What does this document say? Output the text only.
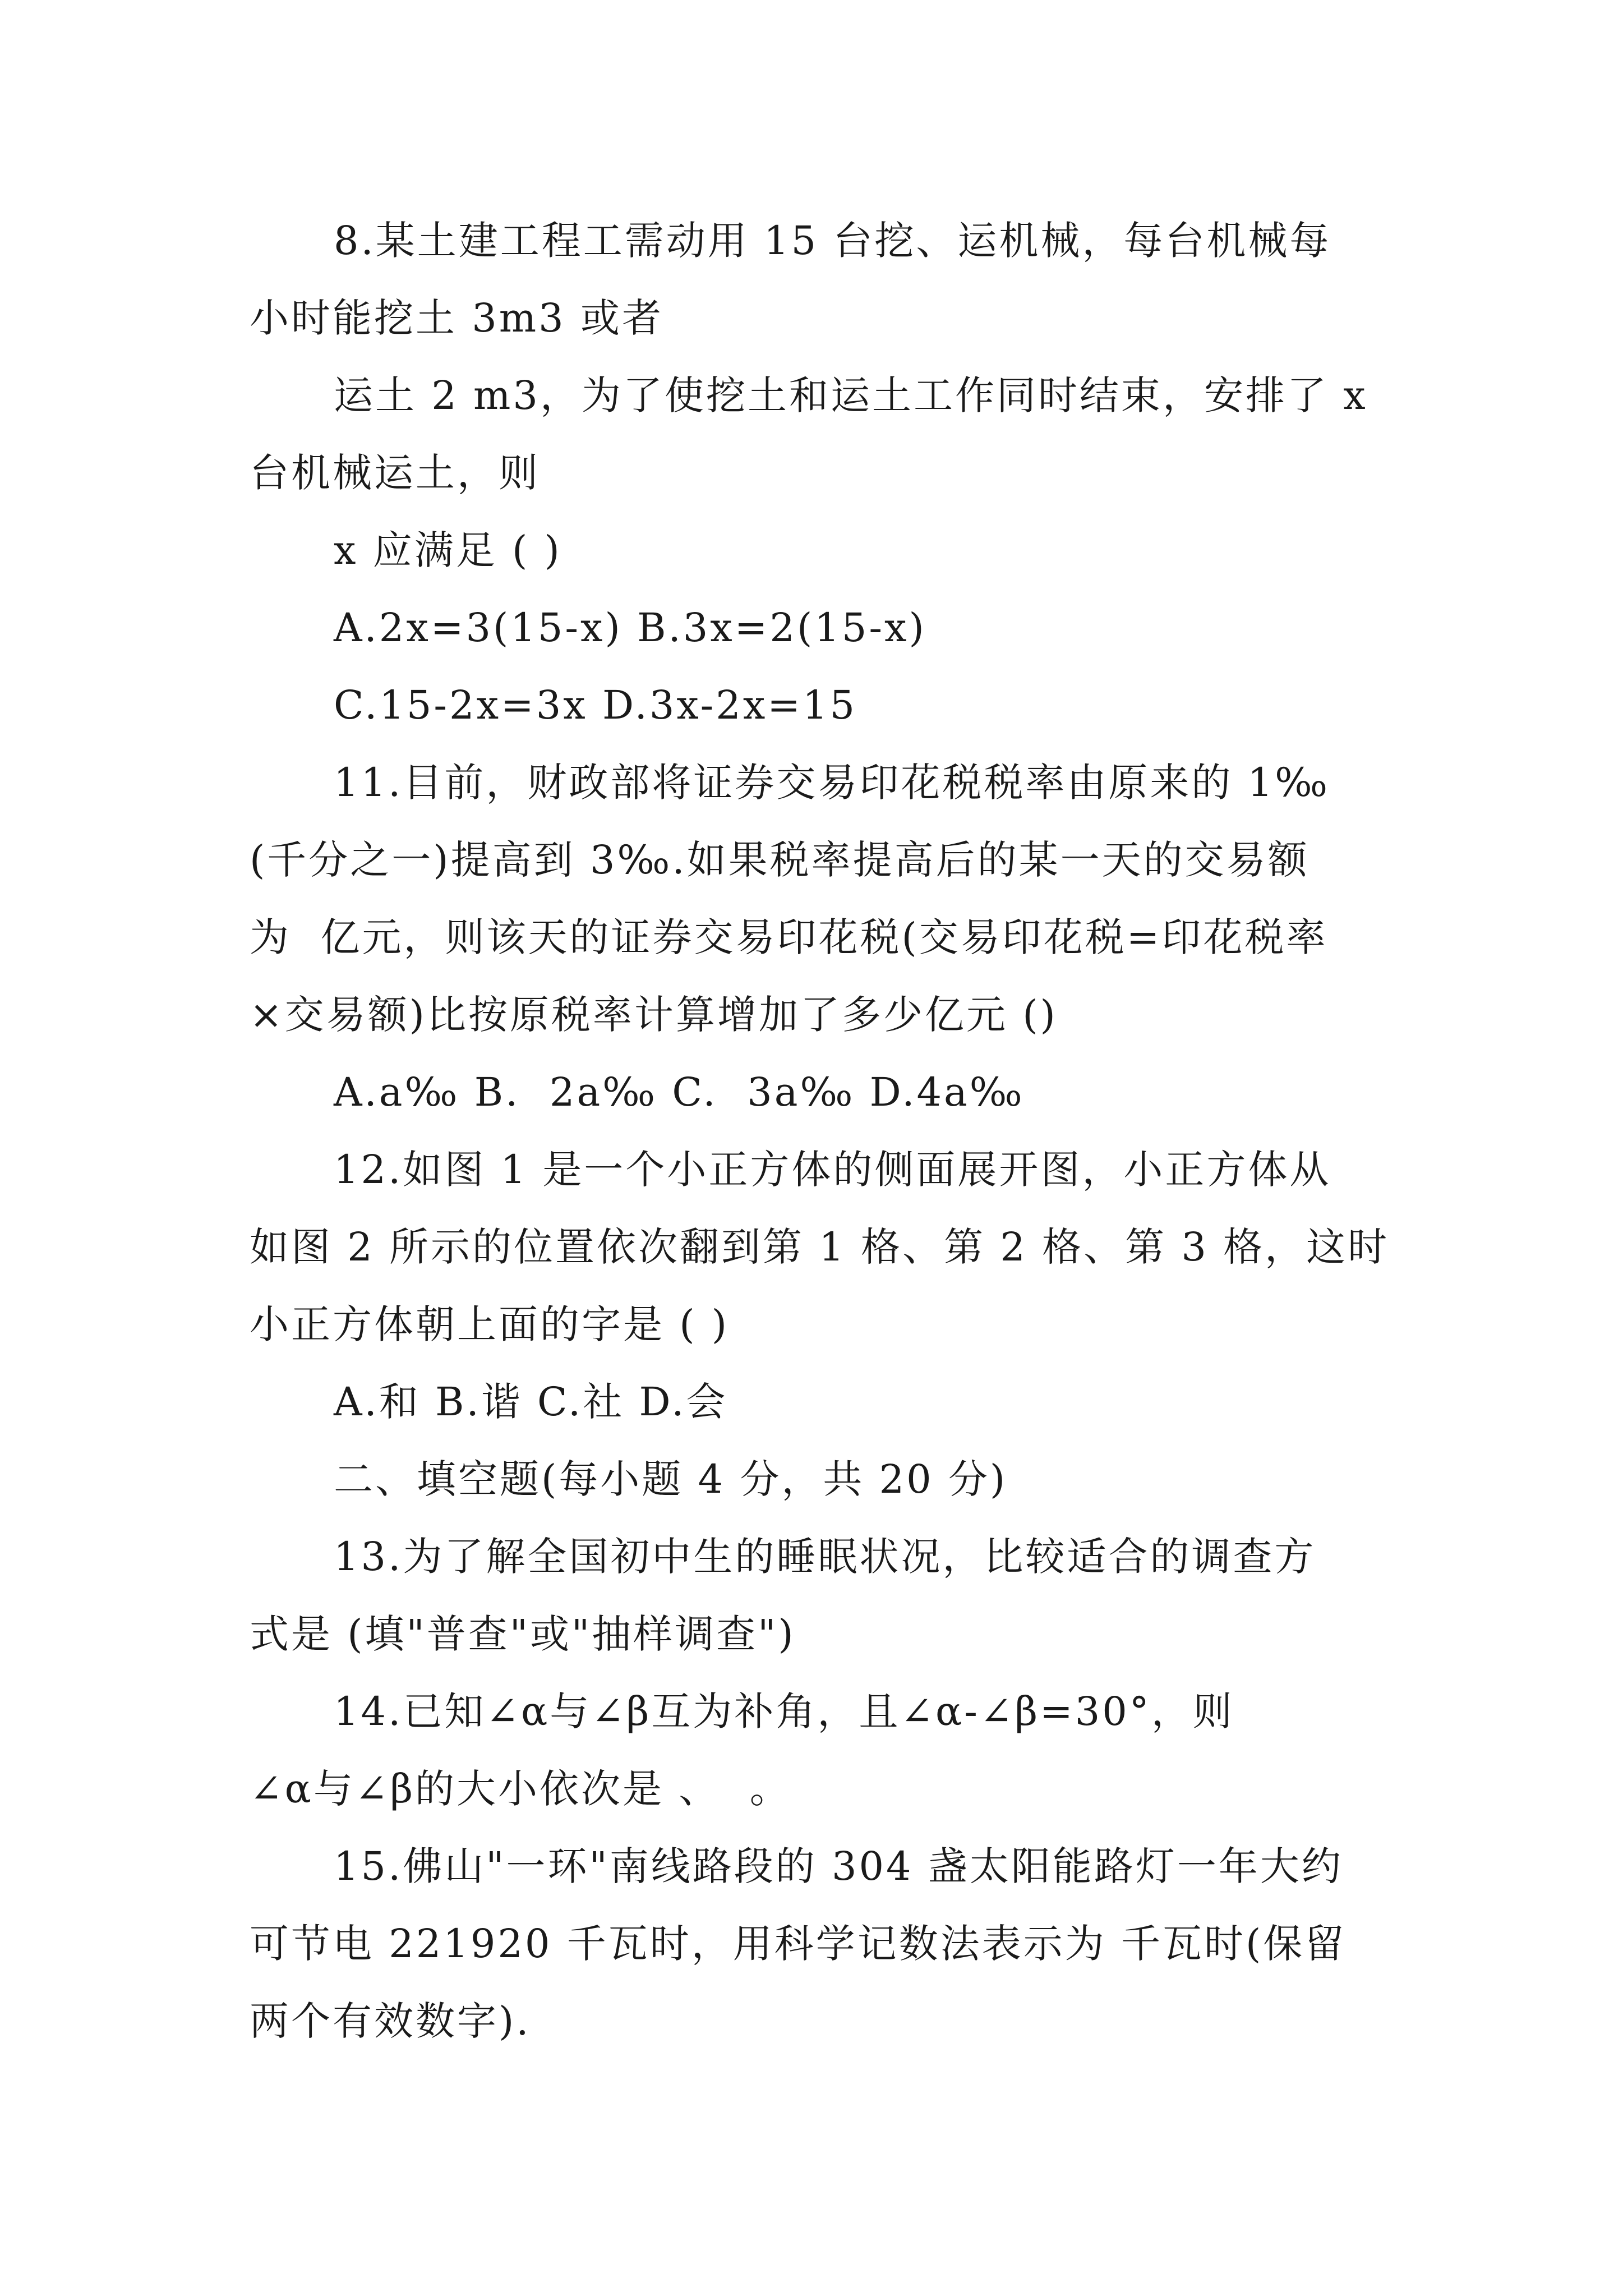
8.某土建工程工需动用 15 台挖、运机械，每台机械每
小时能挖土 3m3 或者
运土 2 m3，为了使挖土和运土工作同时结束，安排了 x
台机械运土，则
x 应满足 ( )
A.2x=3(15-x) B.3x=2(15-x)
C.15-2x=3x D.3x-2x=15
11.目前，财政部将证券交易印花税税率由原来的 1‰
(千分之一)提高到 3‰.如果税率提高后的某一天的交易额
为  亿元，则该天的证券交易印花税(交易印花税=印花税率
×交易额)比按原税率计算增加了多少亿元 ()
A.a‰ B.  2a‰ C.  3a‰ D.4a‰
12.如图 1 是一个小正方体的侧面展开图，小正方体从
如图 2 所示的位置依次翻到第 1 格、第 2 格、第 3 格，这时
小正方体朝上面的字是 ( )
A.和 B.谐 C.社 D.会
二、填空题(每小题 4 分，共 20 分)
13.为了解全国初中生的睡眠状况，比较适合的调查方
式是 (填"普查"或"抽样调查")
14.已知∠α与∠β互为补角，且∠α-∠β=30°，则
∠α与∠β的大小依次是 、  。
15.佛山"一环"南线路段的 304 盏太阳能路灯一年大约
可节电 221920 千瓦时，用科学记数法表示为 千瓦时(保留
两个有效数字).
